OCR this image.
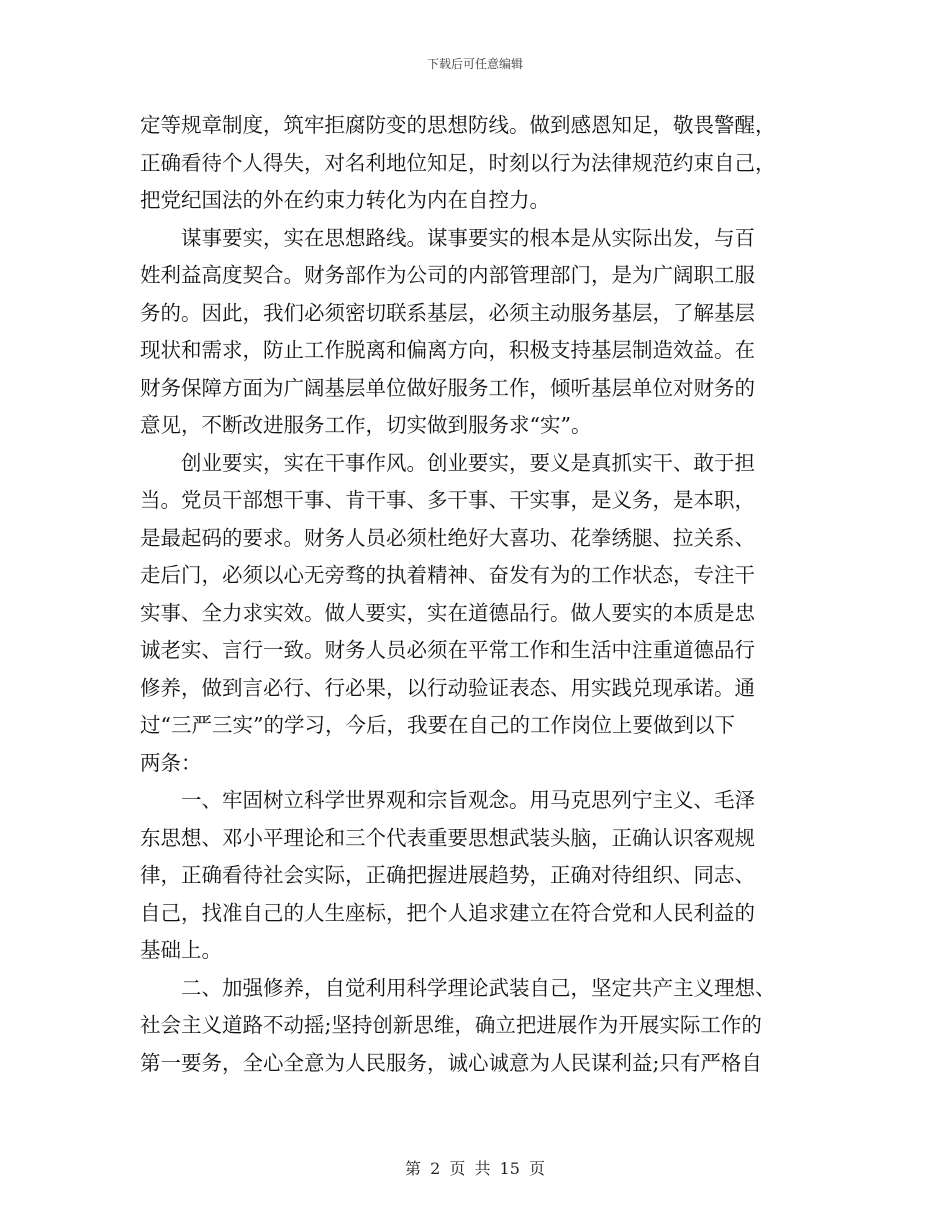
下载后可任意编辑
定等规章制度，筑牢拒腐防变的思想防线。做到感恩知足，敬畏警醒，
正确看待个人得失，对名利地位知足，时刻以行为法律规范约束自己，
把党纪国法的外在约束力转化为内在自控力。
谋事要实，实在思想路线。谋事要实的根本是从实际出发，与百
姓利益高度契合。财务部作为公司的内部管理部门，是为广阔职工服
务的。因此，我们必须密切联系基层，必须主动服务基层，了解基层
现状和需求，防止工作脱离和偏离方向，积极支持基层制造效益。在
财务保障方面为广阔基层单位做好服务工作，倾听基层单位对财务的
意见，不断改进服务工作，切实做到服务求“实”。
创业要实，实在干事作风。创业要实，要义是真抓实干、敢于担
当。党员干部想干事、肯干事、多干事、干实事，是义务，是本职，
是最起码的要求。财务人员必须杜绝好大喜功、花拳绣腿、拉关系、
走后门，必须以心无旁骛的执着精神、奋发有为的工作状态，专注干
实事、全力求实效。做人要实，实在道德品行。做人要实的本质是忠
诚老实、言行一致。财务人员必须在平常工作和生活中注重道德品行
修养，做到言必行、行必果，以行动验证表态、用实践兑现承诺。通
过“三严三实”的学习，今后，我要在自己的工作岗位上要做到以下
两条：
一、牢固树立科学世界观和宗旨观念。用马克思列宁主义、毛泽
东思想、邓小平理论和三个代表重要思想武装头脑，正确认识客观规
律，正确看待社会实际，正确把握进展趋势，正确对待组织、同志、
自己，找准自己的人生座标，把个人追求建立在符合党和人民利益的
基础上。
二、加强修养，自觉利用科学理论武装自己，坚定共产主义理想、
社会主义道路不动摇;坚持创新思维，确立把进展作为开展实际工作的
第一要务，全心全意为人民服务，诚心诚意为人民谋利益;只有严格自
第 2 页 共 15 页
